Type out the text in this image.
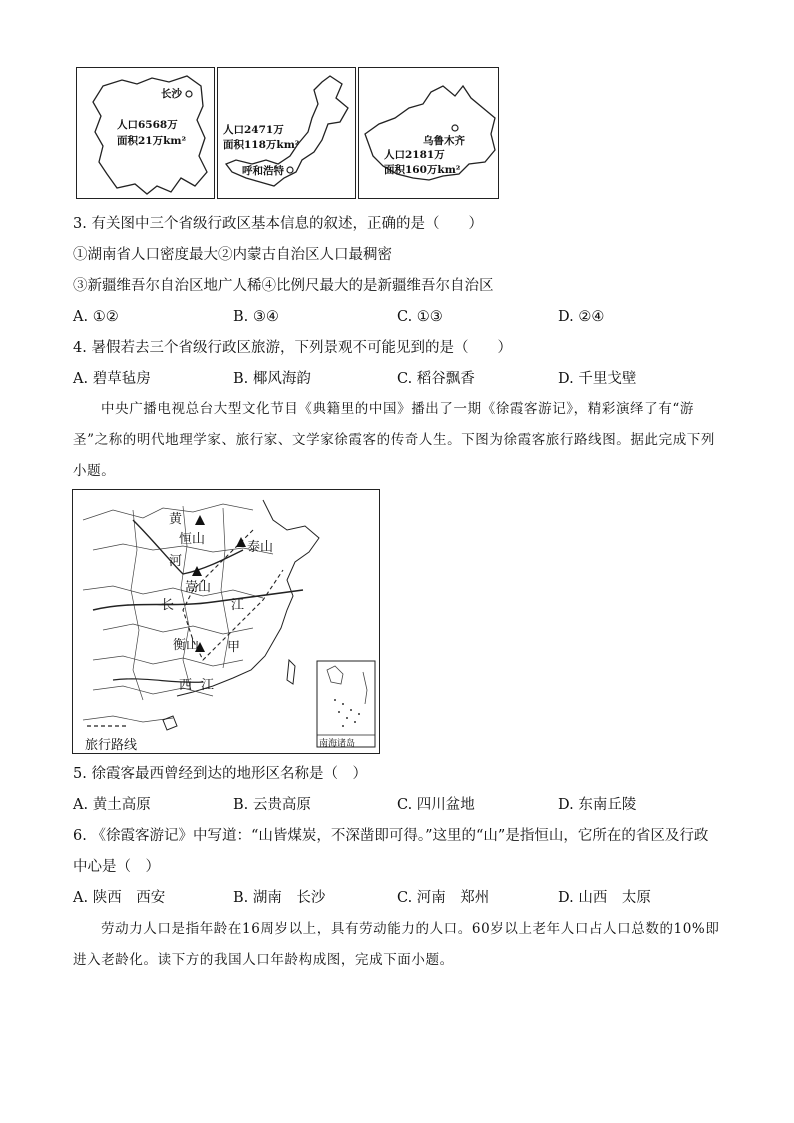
长沙
人口6568万
面积21万km²
人口2471万
面积118万km²
呼和浩特
乌鲁木齐
人口2181万
面积160万km²
3. 有关图中三个省级行政区基本信息的叙述，正确的是（　　）
①湖南省人口密度最大②内蒙古自治区人口最稠密
③新疆维吾尔自治区地广人稀④比例尺最大的是新疆维吾尔自治区
A. ①②	B. ③④	C. ①③	D. ②④
4. 暑假若去三个省级行政区旅游，下列景观不可能见到的是（　　）
A. 碧草毡房	B. 椰风海韵	C. 稻谷飘香	D. 千里戈壁
中央广播电视总台大型文化节目《典籍里的中国》播出了一期《徐霞客游记》，精彩演绎了有“游圣”之称的明代地理学家、旅行家、文学家徐霞客的传奇人生。下图为徐霞客旅行路线图。据此完成下列小题。
黄
恒山
泰山
河
嵩山
长	江
衡山 甲
西 江
旅行路线	南海诸岛
5. 徐霞客最西曾经到达的地形区名称是（　）
A. 黄土高原	B. 云贵高原	C. 四川盆地	D. 东南丘陵
6. 《徐霞客游记》中写道：“山皆煤炭，不深凿即可得。”这里的“山”是指恒山，它所在的省区及行政
中心是（　）
A. 陕西　西安	B. 湖南　长沙	C. 河南　郑州	D. 山西　太原
劳动力人口是指年龄在16周岁以上，具有劳动能力的人口。60岁以上老年人口占人口总数的10%即进入老龄化。读下方的我国人口年龄构成图，完成下面小题。
